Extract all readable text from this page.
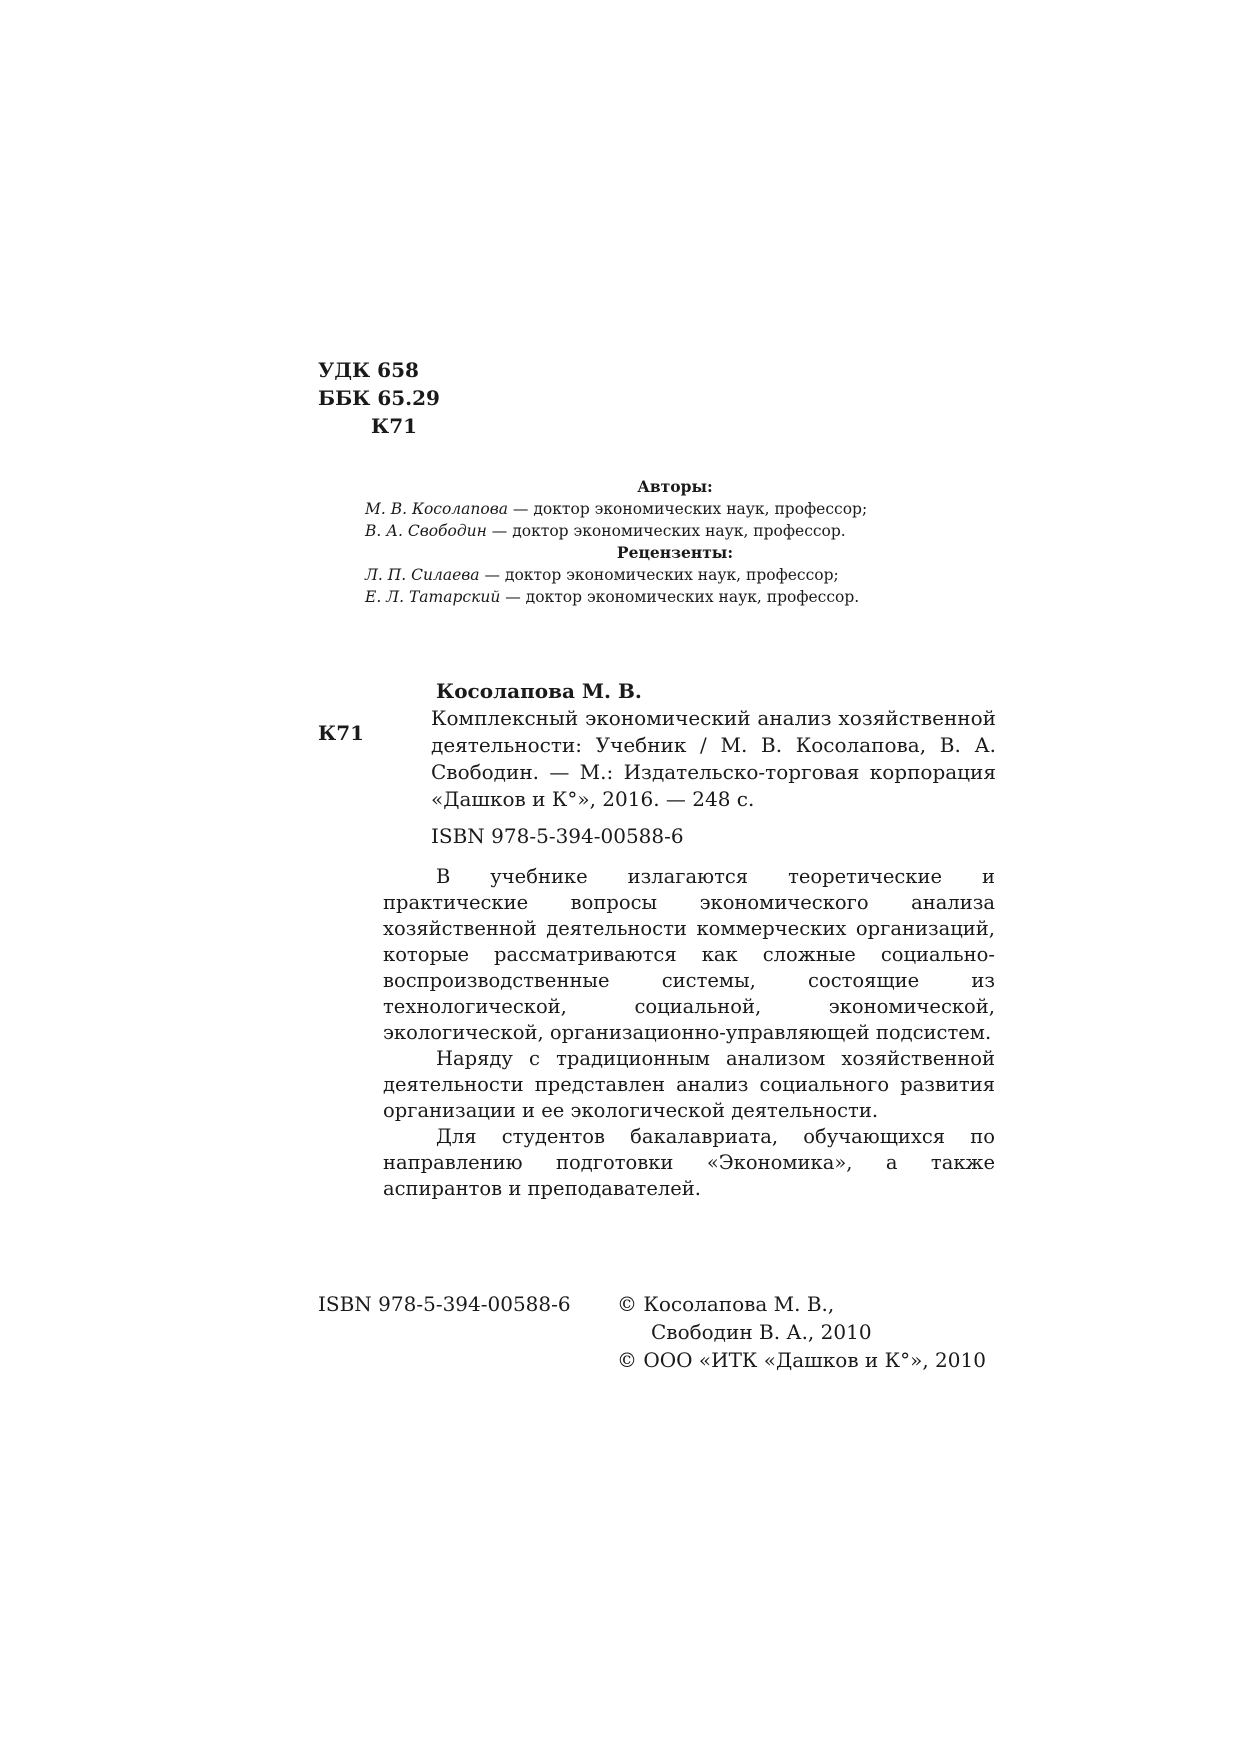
УДК 658
ББК 65.29
К71
Авторы:
М. В. Косолапова — доктор экономических наук, профессор;
В. А. Свободин — доктор экономических наук, профессор.
Рецензенты:
Л. П. Силаева — доктор экономических наук, профессор;
Е. Л. Татарский — доктор экономических наук, профессор.
К71
Косолапова М. В.

Комплексный экономический анализ хозяйственной деятельности: Учебник / М. В. Косолапова, В. А. Свободин. — М.: Издательско-торговая корпорация «Дашков и К°», 2016. — 248 с.

ISBN 978-5-394-00588-6

В учебнике излагаются теоретические и практические вопросы экономического анализа хозяйственной деятельности коммерческих организаций, которые рассматриваются как сложные социально-воспроизводственные системы, состоящие из технологической, социальной, экономической, экологической, организационно-управляющей подсистем.

Наряду с традиционным анализом хозяйственной деятельности представлен анализ социального развития организации и ее экологической деятельности.

Для студентов бакалавриата, обучающихся по направлению подготовки «Экономика», а также аспирантов и преподавателей.

ISBN 978-5-394-00588-6 © Косолапова М. В.,
Свободин В. А., 2010
© ООО «ИТК «Дашков и К°», 2010
